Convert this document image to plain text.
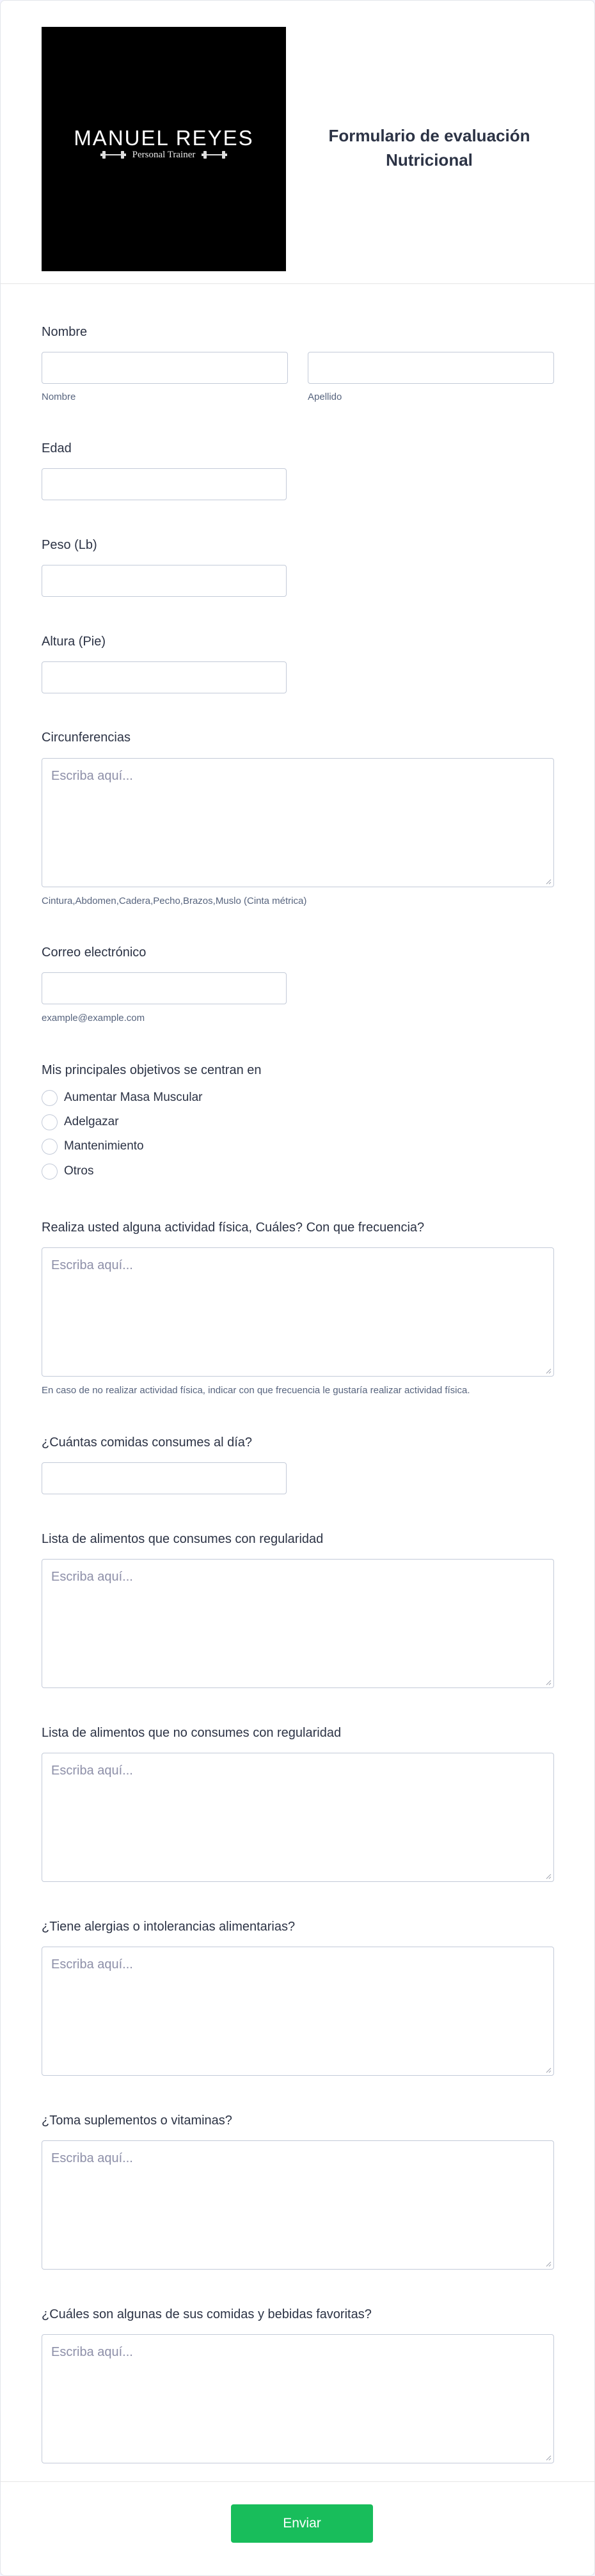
MANUEL REYES
Personal Trainer
Formulario de evaluación Nutricional
Nombre
Nombre	Apellido
Edad
Peso (Lb)
Altura (Pie)
Circunferencias
Escriba aquí...
Cintura,Abdomen,Cadera,Pecho,Brazos,Muslo (Cinta métrica)
Correo electrónico
example@example.com
Mis principales objetivos se centran en
Aumentar Masa Muscular
Adelgazar
Mantenimiento
Otros
Realiza usted alguna actividad física, Cuáles? Con que frecuencia?
Escriba aquí...
En caso de no realizar actividad física, indicar con que frecuencia le gustaría realizar actividad física.
¿Cuántas comidas consumes al día?
Lista de alimentos que consumes con regularidad
Escriba aquí...
Lista de alimentos que no consumes con regularidad
Escriba aquí...
¿Tiene alergias o intolerancias alimentarias?
Escriba aquí...
¿Toma suplementos o vitaminas?
Escriba aquí...
¿Cuáles son algunas de sus comidas y bebidas favoritas?
Escriba aquí...
Enviar
